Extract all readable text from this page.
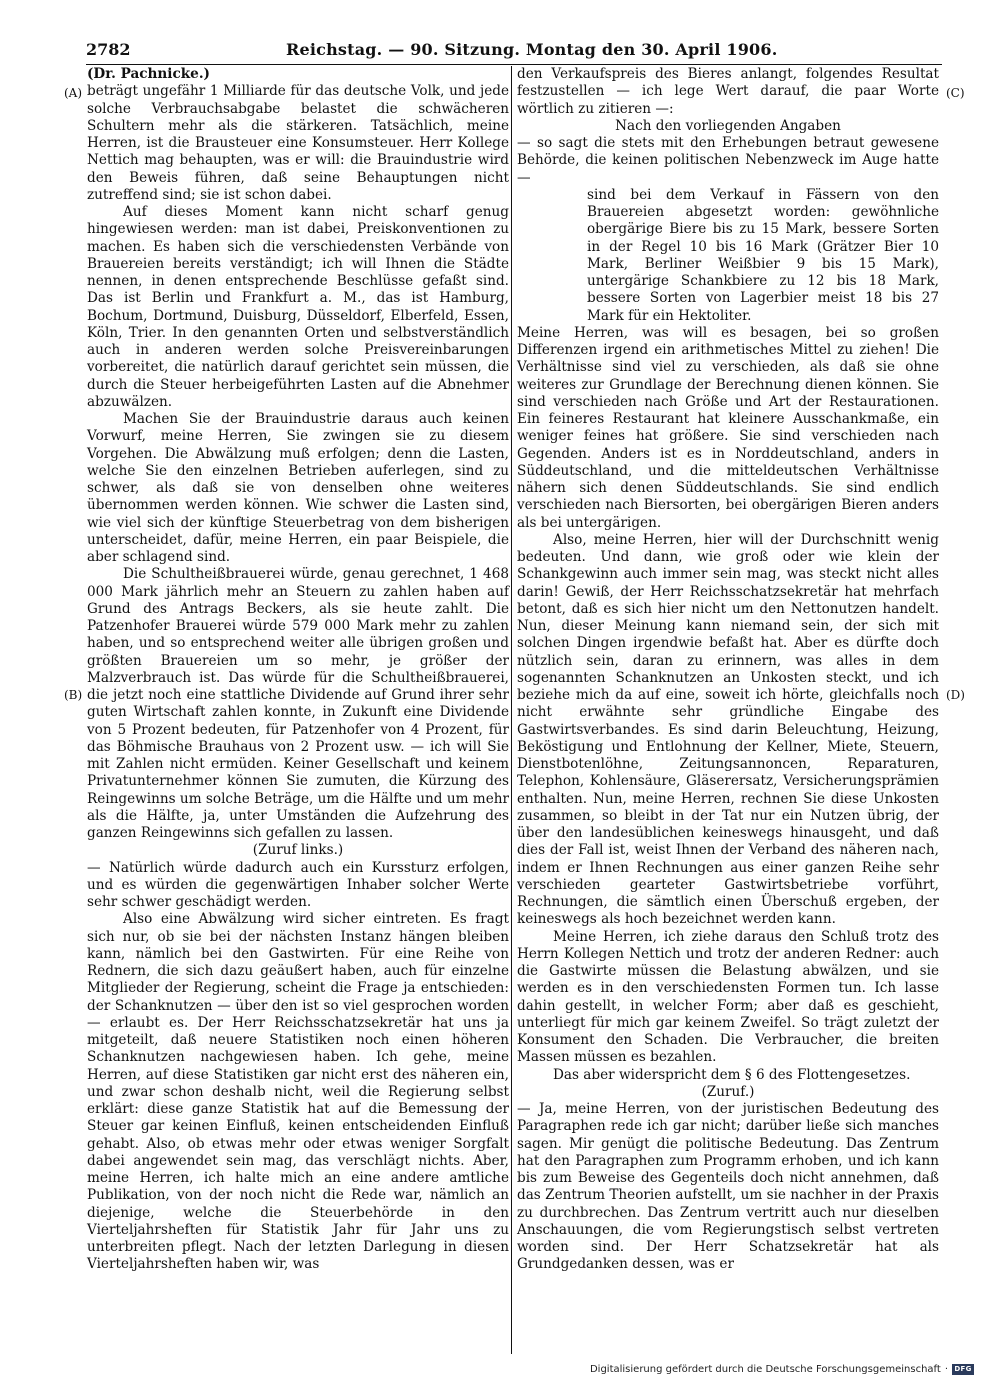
2782	Reichstag. — 90. Sitzung. Montag den 30. April 1906.
(A)
(B)
(C)
(D)

(Dr. Pachnicke.)

beträgt ungefähr 1 Milliarde für das deutsche Volk, und jede solche Verbrauchsabgabe belastet die schwächeren Schultern mehr als die stärkeren. Tatsächlich, meine Herren, ist die Brausteuer eine Konsumsteuer. Herr Kollege Nettich mag behaupten, was er will: die Brauindustrie wird den Beweis führen, daß seine Behauptungen nicht zutreffend sind; sie ist schon dabei.

Auf dieses Moment kann nicht scharf genug hingewiesen werden: man ist dabei, Preiskonventionen zu machen. Es haben sich die verschiedensten Verbände von Brauereien bereits verständigt; ich will Ihnen die Städte nennen, in denen entsprechende Beschlüsse gefaßt sind. Das ist Berlin und Frankfurt a. M., das ist Hamburg, Bochum, Dortmund, Duisburg, Düsseldorf, Elberfeld, Essen, Köln, Trier. In den genannten Orten und selbstverständlich auch in anderen werden solche Preisvereinbarungen vorbereitet, die natürlich darauf gerichtet sein müssen, die durch die Steuer herbeigeführten Lasten auf die Abnehmer abzuwälzen.

Machen Sie der Brauindustrie daraus auch keinen Vorwurf, meine Herren, Sie zwingen sie zu diesem Vorgehen. Die Abwälzung muß erfolgen; denn die Lasten, welche Sie den einzelnen Betrieben auferlegen, sind zu schwer, als daß sie von denselben ohne weiteres übernommen werden können. Wie schwer die Lasten sind, wie viel sich der künftige Steuerbetrag von dem bisherigen unterscheidet, dafür, meine Herren, ein paar Beispiele, die aber schlagend sind.

Die Schultheißbrauerei würde, genau gerechnet, 1 468 000 Mark jährlich mehr an Steuern zu zahlen haben auf Grund des Antrags Beckers, als sie heute zahlt. Die Patzenhofer Brauerei würde 579 000 Mark mehr zu zahlen haben, und so entsprechend weiter alle übrigen großen und größten Brauereien um so mehr, je größer der Malzverbrauch ist. Das würde für die Schultheißbrauerei, die jetzt noch eine stattliche Dividende auf Grund ihrer sehr guten Wirtschaft zahlen konnte, in Zukunft eine Dividende von 5 Prozent bedeuten, für Patzenhofer von 4 Prozent, für das Böhmische Brauhaus von 2 Prozent usw. — ich will Sie mit Zahlen nicht ermüden. Keiner Gesellschaft und keinem Privatunternehmer können Sie zumuten, die Kürzung des Reingewinns um solche Beträge, um die Hälfte und um mehr als die Hälfte, ja, unter Umständen die Aufzehrung des ganzen Reingewinns sich gefallen zu lassen.

(Zuruf links.)

— Natürlich würde dadurch auch ein Kurssturz erfolgen, und es würden die gegenwärtigen Inhaber solcher Werte sehr schwer geschädigt werden.

Also eine Abwälzung wird sicher eintreten. Es fragt sich nur, ob sie bei der nächsten Instanz hängen bleiben kann, nämlich bei den Gastwirten. Für eine Reihe von Rednern, die sich dazu geäußert haben, auch für einzelne Mitglieder der Regierung, scheint die Frage ja entschieden: der Schanknutzen — über den ist so viel gesprochen worden — erlaubt es. Der Herr Reichsschatzsekretär hat uns ja mitgeteilt, daß neuere Statistiken noch einen höheren Schanknutzen nachgewiesen haben. Ich gehe, meine Herren, auf diese Statistiken gar nicht erst des näheren ein, und zwar schon deshalb nicht, weil die Regierung selbst erklärt: diese ganze Statistik hat auf die Bemessung der Steuer gar keinen Einfluß, keinen entscheidenden Einfluß gehabt. Also, ob etwas mehr oder etwas weniger Sorgfalt dabei angewendet sein mag, das verschlägt nichts. Aber, meine Herren, ich halte mich an eine andere amtliche Publikation, von der noch nicht die Rede war, nämlich an diejenige, welche die Steuerbehörde in den Vierteljahrsheften für Statistik Jahr für Jahr uns zu unterbreiten pflegt. Nach der letzten Darlegung in diesen Vierteljahrsheften haben wir, was

den Verkaufspreis des Bieres anlangt, folgendes Resultat festzustellen — ich lege Wert darauf, die paar Worte wörtlich zu zitieren —:

Nach den vorliegenden Angaben

— so sagt die stets mit den Erhebungen betraut gewesene Behörde, die keinen politischen Nebenzweck im Auge hatte —

sind bei dem Verkauf in Fässern von den Brauereien abgesetzt worden: gewöhnliche obergärige Biere bis zu 15 Mark, bessere Sorten in der Regel 10 bis 16 Mark (Grätzer Bier 10 Mark, Berliner Weißbier 9 bis 15 Mark), untergärige Schankbiere zu 12 bis 18 Mark, bessere Sorten von Lagerbier meist 18 bis 27 Mark für ein Hektoliter.

Meine Herren, was will es besagen, bei so großen Differenzen irgend ein arithmetisches Mittel zu ziehen! Die Verhältnisse sind viel zu verschieden, als daß sie ohne weiteres zur Grundlage der Berechnung dienen können. Sie sind verschieden nach Größe und Art der Restaurationen. Ein feineres Restaurant hat kleinere Ausschankmaße, ein weniger feines hat größere. Sie sind verschieden nach Gegenden. Anders ist es in Norddeutschland, anders in Süddeutschland, und die mitteldeutschen Verhältnisse nähern sich denen Süddeutschlands. Sie sind endlich verschieden nach Biersorten, bei obergärigen Bieren anders als bei untergärigen.

Also, meine Herren, hier will der Durchschnitt wenig bedeuten. Und dann, wie groß oder wie klein der Schankgewinn auch immer sein mag, was steckt nicht alles darin! Gewiß, der Herr Reichsschatzsekretär hat mehrfach betont, daß es sich hier nicht um den Nettonutzen handelt. Nun, dieser Meinung kann niemand sein, der sich mit solchen Dingen irgendwie befaßt hat. Aber es dürfte doch nützlich sein, daran zu erinnern, was alles in dem sogenannten Schanknutzen an Unkosten steckt, und ich beziehe mich da auf eine, soweit ich hörte, gleichfalls noch nicht erwähnte sehr gründliche Eingabe des Gastwirtsverbandes. Es sind darin Beleuchtung, Heizung, Beköstigung und Entlohnung der Kellner, Miete, Steuern, Dienstbotenlöhne, Zeitungsannoncen, Reparaturen, Telephon, Kohlensäure, Gläserersatz, Versicherungsprämien enthalten. Nun, meine Herren, rechnen Sie diese Unkosten zusammen, so bleibt in der Tat nur ein Nutzen übrig, der über den landesüblichen keineswegs hinausgeht, und daß dies der Fall ist, weist Ihnen der Verband des näheren nach, indem er Ihnen Rechnungen aus einer ganzen Reihe sehr verschieden gearteter Gastwirtsbetriebe vorführt, Rechnungen, die sämtlich einen Überschuß ergeben, der keineswegs als hoch bezeichnet werden kann.

Meine Herren, ich ziehe daraus den Schluß trotz des Herrn Kollegen Nettich und trotz der anderen Redner: auch die Gastwirte müssen die Belastung abwälzen, und sie werden es in den verschiedensten Formen tun. Ich lasse dahin gestellt, in welcher Form; aber daß es geschieht, unterliegt für mich gar keinem Zweifel. So trägt zuletzt der Konsument den Schaden. Die Verbraucher, die breiten Massen müssen es bezahlen.

Das aber widerspricht dem § 6 des Flottengesetzes.

(Zuruf.)

— Ja, meine Herren, von der juristischen Bedeutung des Paragraphen rede ich gar nicht; darüber ließe sich manches sagen. Mir genügt die politische Bedeutung. Das Zentrum hat den Paragraphen zum Programm erhoben, und ich kann bis zum Beweise des Gegenteils doch nicht annehmen, daß das Zentrum Theorien aufstellt, um sie nachher in der Praxis zu durchbrechen. Das Zentrum vertritt auch nur dieselben Anschauungen, die vom Regierungstisch selbst vertreten worden sind. Der Herr Schatzsekretär hat als Grundgedanken dessen, was er

Digitalisierung gefördert durch die Deutsche Forschungsgemeinschaft · DFG
